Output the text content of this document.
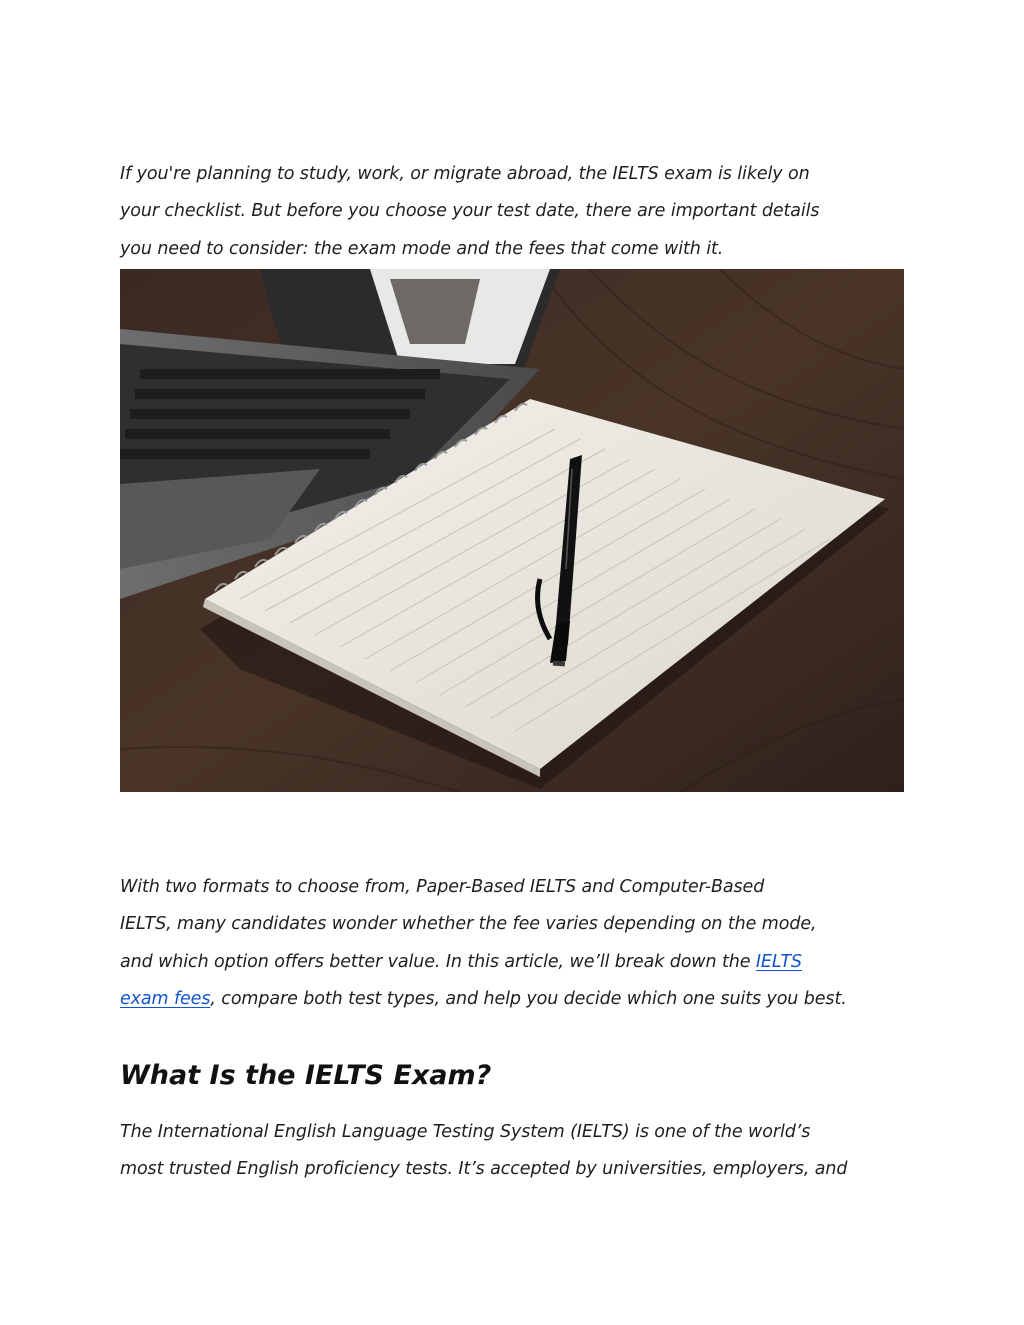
If you're planning to study, work, or migrate abroad, the IELTS exam is likely on
your checklist. But before you choose your test date, there are important details
you need to consider: the exam mode and the fees that come with it.

With two formats to choose from, Paper-Based IELTS and Computer-Based
IELTS, many candidates wonder whether the fee varies depending on the mode,
and which option offers better value. In this article, we’ll break down the IELTS
exam fees, compare both test types, and help you decide which one suits you best.

What Is the IELTS Exam?

The International English Language Testing System (IELTS) is one of the world’s
most trusted English proficiency tests. It’s accepted by universities, employers, and
